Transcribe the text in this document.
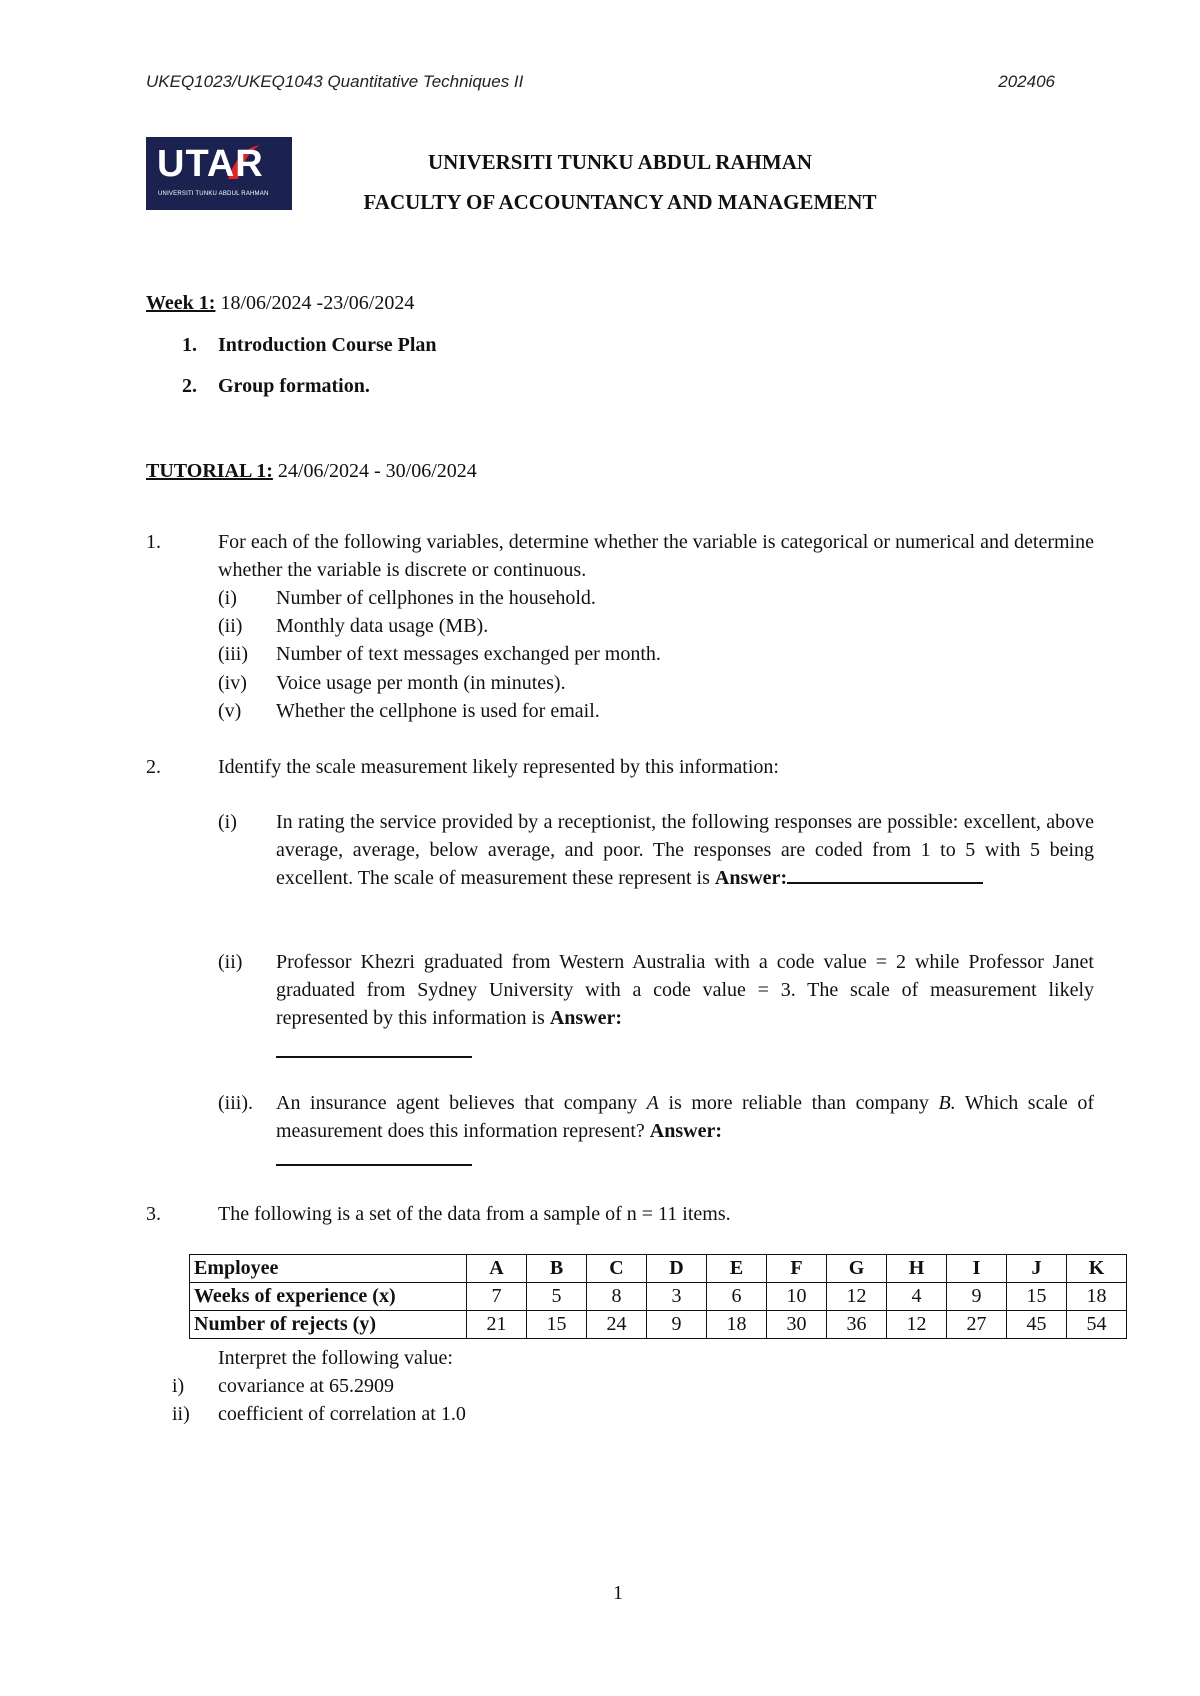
UKEQ1023/UKEQ1043 Quantitative Techniques II	202406
UTAR
UNIVERSITI TUNKU ABDUL RAHMAN
UNIVERSITI TUNKU ABDUL RAHMAN
FACULTY OF ACCOUNTANCY AND MANAGEMENT
Week 1: 18/06/2024 -23/06/2024
1. Introduction Course Plan
2. Group formation.
TUTORIAL 1: 24/06/2024 - 30/06/2024
1.	For each of the following variables, determine whether the variable is categorical or numerical and determine whether the variable is discrete or continuous.
(i) Number of cellphones in the household.
(ii) Monthly data usage (MB).
(iii) Number of text messages exchanged per month.
(iv) Voice usage per month (in minutes).
(v) Whether the cellphone is used for email.
2.	Identify the scale measurement likely represented by this information:
(i) In rating the service provided by a receptionist, the following responses are possible: excellent, above average, average, below average, and poor. The responses are coded from 1 to 5 with 5 being excellent. The scale of measurement these represent is Answer:
(ii) Professor Khezri graduated from Western Australia with a code value = 2 while Professor Janet graduated from Sydney University with a code value = 3. The scale of measurement likely represented by this information is Answer:
(iii). An insurance agent believes that company A is more reliable than company B. Which scale of measurement does this information represent? Answer:
3.	The following is a set of the data from a sample of n = 11 items.
Employee	A	B	C	D	E	F	G	H	I	J	K
Weeks of experience (x)	7	5	8	3	6	10	12	4	9	15	18
Number of rejects (y)	21	15	24	9	18	30	36	12	27	45	54
Interpret the following value:
i) covariance at 65.2909
ii) coefficient of correlation at 1.0
1
